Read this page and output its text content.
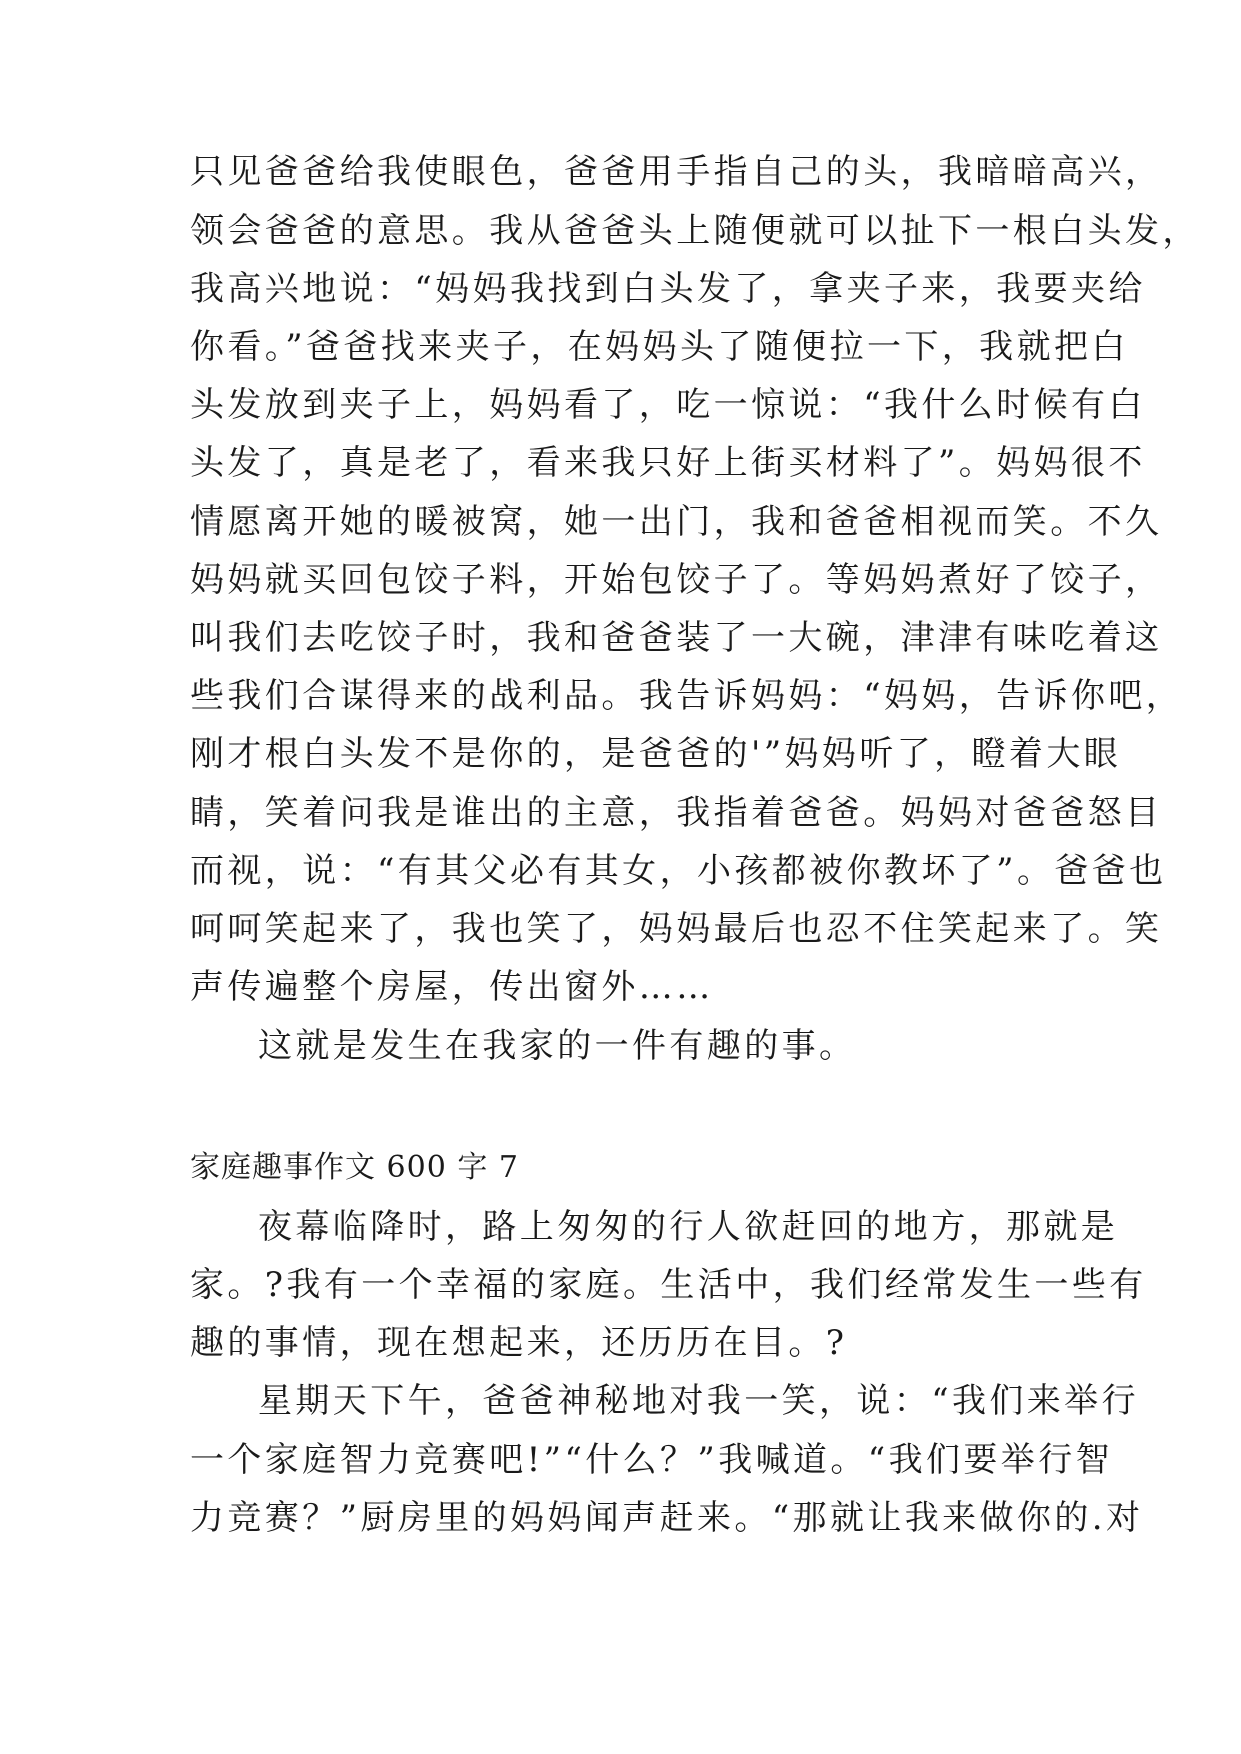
只见爸爸给我使眼色，爸爸用手指自己的头，我暗暗高兴，
领会爸爸的意思。我从爸爸头上随便就可以扯下一根白头发，
我高兴地说：“妈妈我找到白头发了，拿夹子来，我要夹给
你看。”爸爸找来夹子，在妈妈头了随便拉一下，我就把白
头发放到夹子上，妈妈看了，吃一惊说：“我什么时候有白
头发了，真是老了，看来我只好上街买材料了”。妈妈很不
情愿离开她的暖被窝，她一出门，我和爸爸相视而笑。不久
妈妈就买回包饺子料，开始包饺子了。等妈妈煮好了饺子，
叫我们去吃饺子时，我和爸爸装了一大碗，津津有味吃着这
些我们合谋得来的战利品。我告诉妈妈：“妈妈，告诉你吧，
刚才根白头发不是你的，是爸爸的'”妈妈听了，瞪着大眼
睛，笑着问我是谁出的主意，我指着爸爸。妈妈对爸爸怒目
而视，说：“有其父必有其女，小孩都被你教坏了”。爸爸也
呵呵笑起来了，我也笑了，妈妈最后也忍不住笑起来了。笑
声传遍整个房屋，传出窗外……
这就是发生在我家的一件有趣的事。
家庭趣事作文 600 字 7
夜幕临降时，路上匆匆的行人欲赶回的地方，那就是
家。?我有一个幸福的家庭。生活中，我们经常发生一些有
趣的事情，现在想起来，还历历在目。?
星期天下午，爸爸神秘地对我一笑，说：“我们来举行
一个家庭智力竞赛吧!”“什么？”我喊道。“我们要举行智
力竞赛？”厨房里的妈妈闻声赶来。“那就让我来做你的.对
